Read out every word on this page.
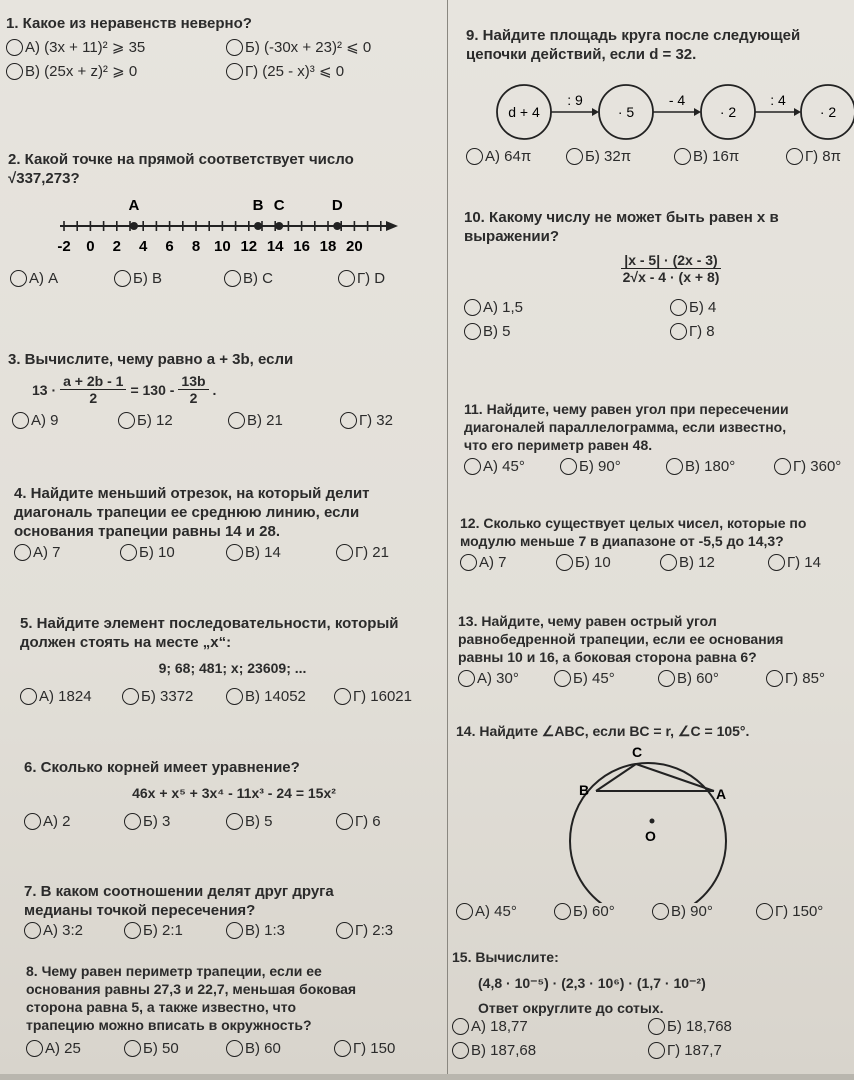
1. Какое из неравенств неверно?
А) (3x + 11)² ⩾ 35	Б) (-30x + 23)² ⩽ 0
В) (25x + z)² ⩾ 0	Г) (25 - x)³ ⩽ 0
2. Какой точке на прямой соответствует число √337,273?
-2 0 2 4 6 8 10 12 14 16 18 20
A	B C	D
А) A	Б) B	В) C	Г) D
3. Вычислите, чему равно a + 3b, если
$13 \cdot \frac{a + 2b - 1}{2} = 130 - \frac{13b}{2}$ .
А) 9	Б) 12	В) 21	Г) 32
4. Найдите меньший отрезок, на который делит
диагональ трапеции ее среднюю линию, если
основания трапеции равны 14 и 28.
А) 7	Б) 10	В) 14	Г) 21
5. Найдите элемент последовательности, который
должен стоять на месте „x“:
9; 68; 481; x; 23609; ...
А) 1824	Б) 3372	В) 14052	Г) 16021
6. Сколько корней имеет уравнение?
46x + x⁵ + 3x⁴ - 11x³ - 24 = 15x²
А) 2	Б) 3	В) 5	Г) 6
7. В каком соотношении делят друг друга
медианы точкой пересечения?
А) 3:2	Б) 2:1	В) 1:3	Г) 2:3
8. Чему равен периметр трапеции, если ее
основания равны 27,3 и 22,7, меньшая боковая
сторона равна 5, а также известно, что
трапецию можно вписать в окружность?
А) 25	Б) 50	В) 60	Г) 150
9. Найдите площадь круга после следующей
цепочки действий, если d = 32.
d + 4	· 5	· 2	· 2
: 9	- 4	: 4
А) 64π	Б) 32π	В) 16π	Г) 8π
10. Какому числу не может быть равен x в
выражении?
$\frac{|x - 5| \cdot (2x - 3)}{2√x - 4 \cdot (x + 8)}$
А) 1,5	Б) 4
В) 5	Г) 8
11. Найдите, чему равен угол при пересечении
диагоналей параллелограмма, если известно,
что его периметр равен 48.
А) 45°	Б) 90°	В) 180°	Г) 360°
12. Сколько существует целых чисел, которые по
модулю меньше 7 в диапазоне от -5,5 до 14,3?
А) 7	Б) 10	В) 12	Г) 14
13. Найдите, чему равен острый угол
равнобедренной трапеции, если ее основания
равны 10 и 16, а боковая сторона равна 6?
А) 30°	Б) 45°	В) 60°	Г) 85°
14. Найдите ∠ABC, если BC = r, ∠C = 105°.
C
B	A
O
А) 45°	Б) 60°	В) 90°	Г) 150°
15. Вычислите:
(4,8 · 10⁻⁵) · (2,3 · 10⁶) · (1,7 · 10⁻²)
Ответ округлите до сотых.
А) 18,77	Б) 18,768
В) 187,68	Г) 187,7
